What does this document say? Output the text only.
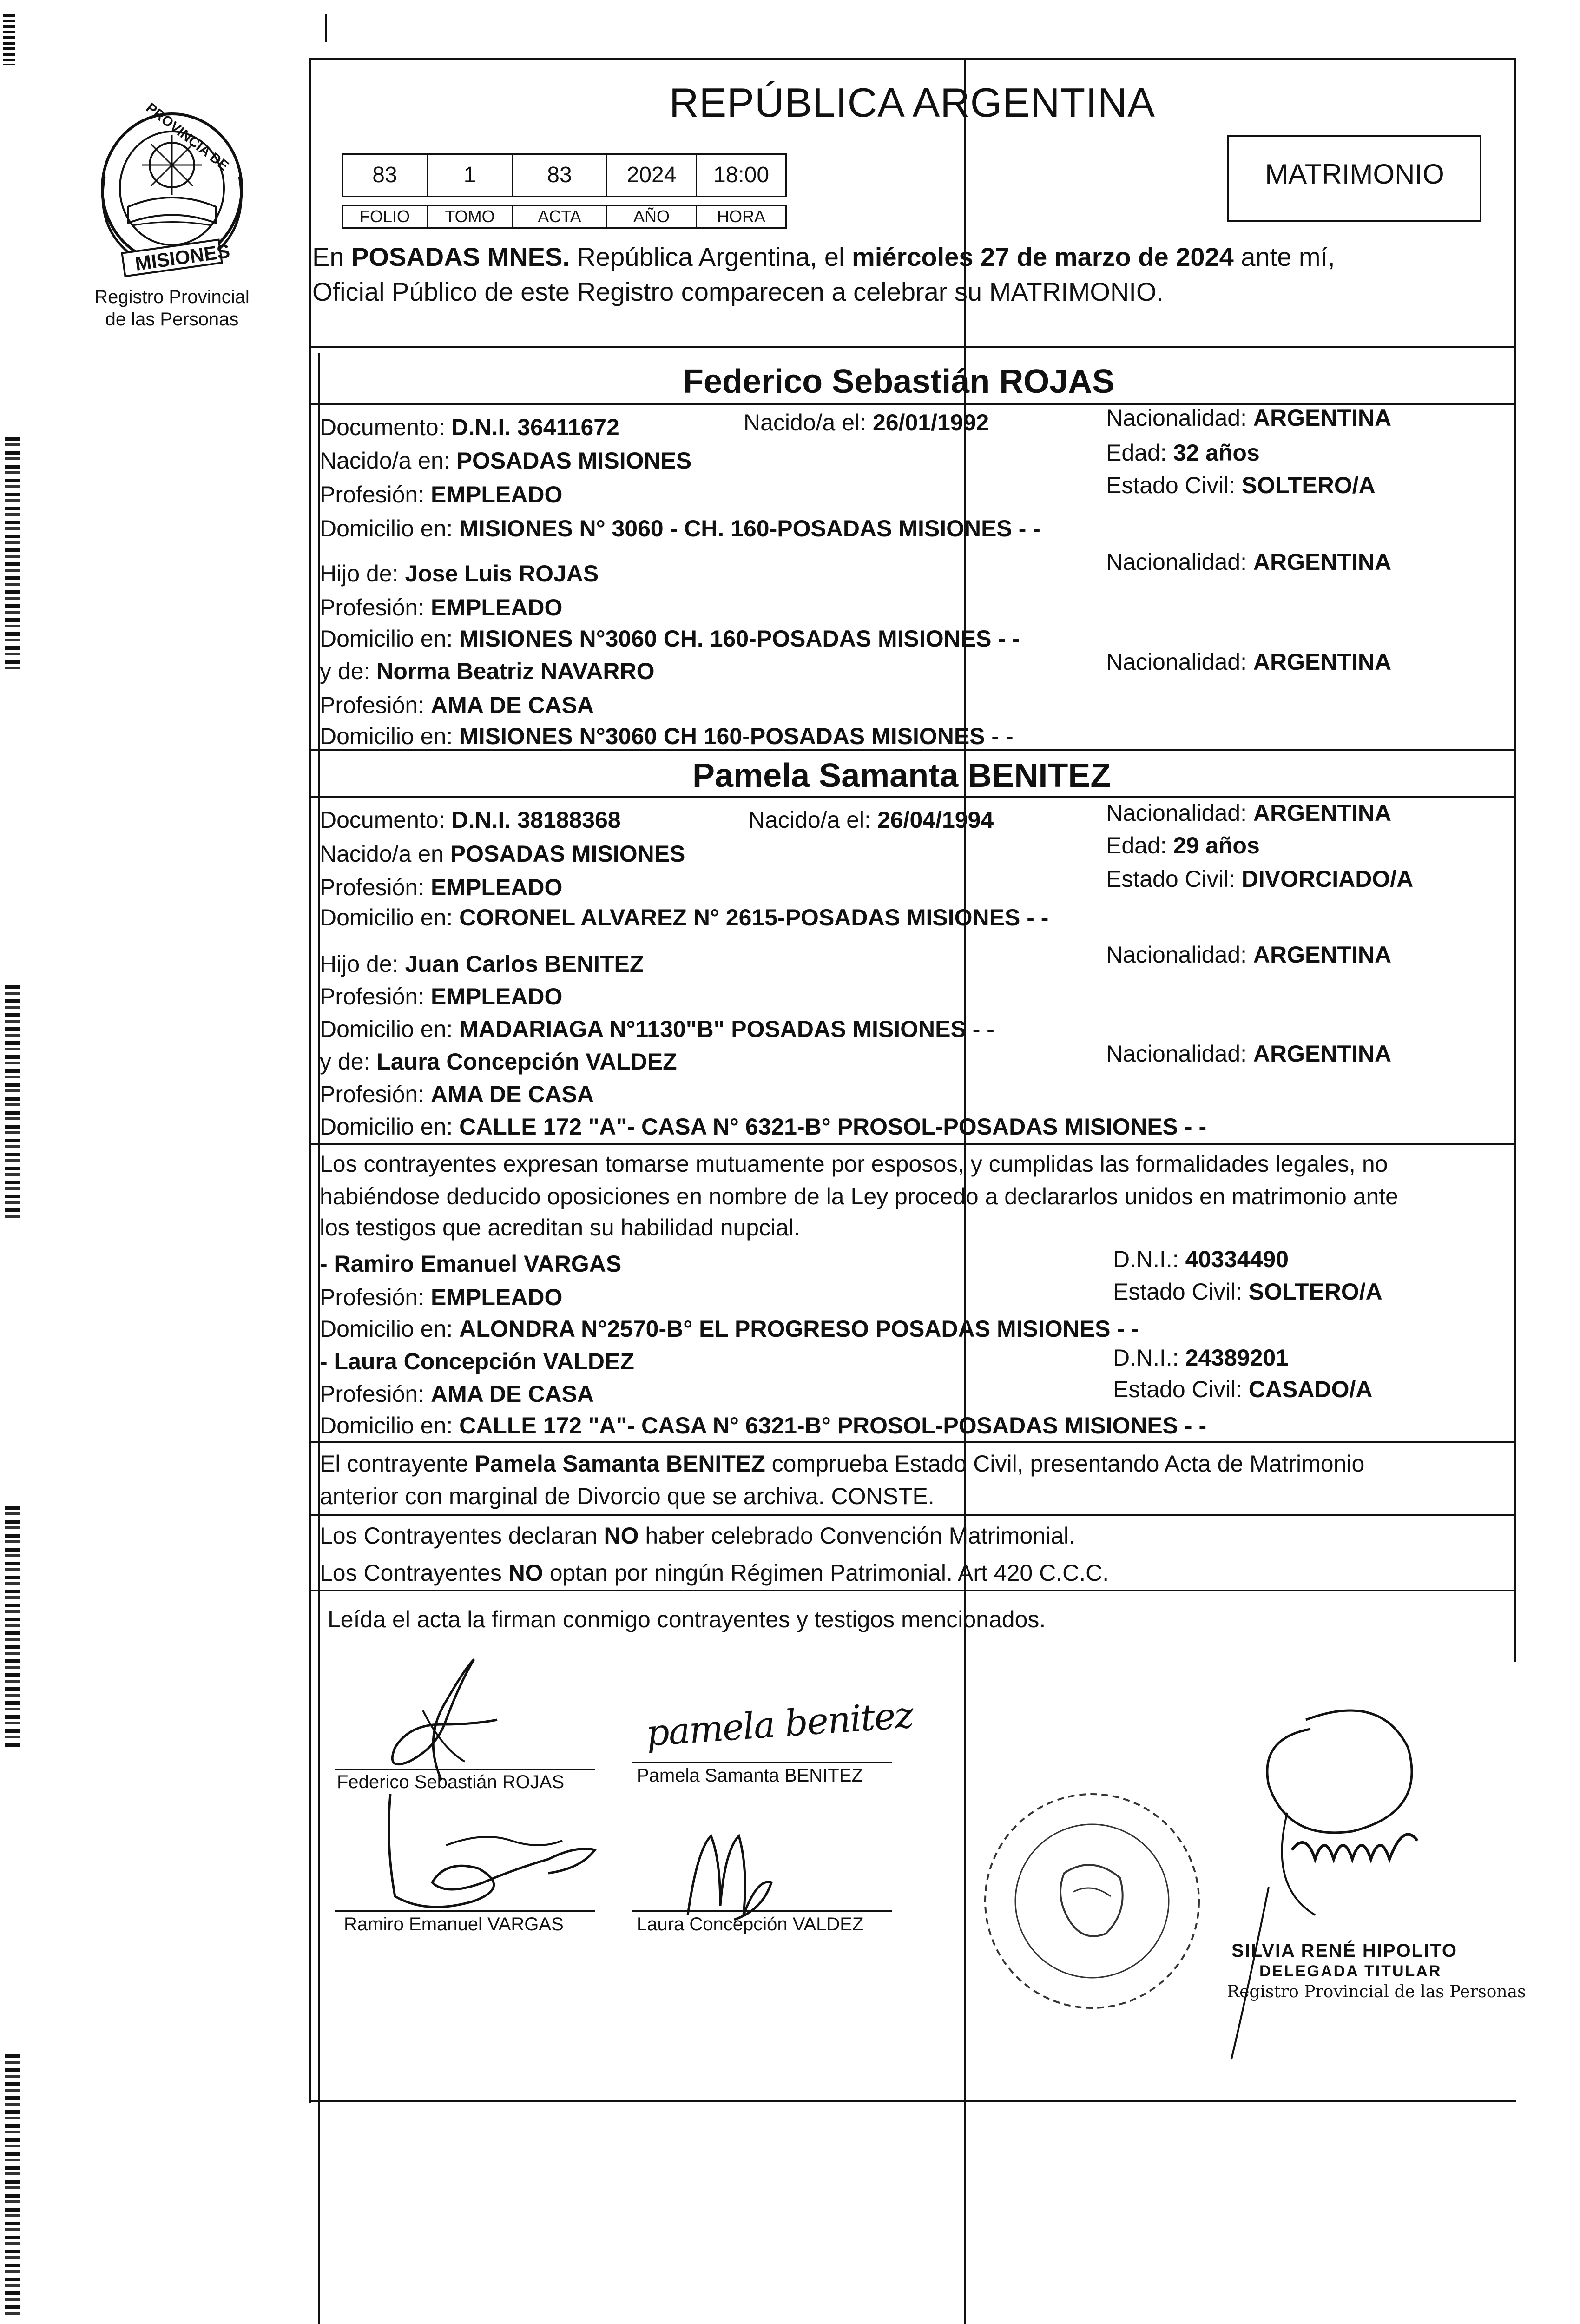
PROVINCIA DE
MISIONES
Registro Provincial
de las Personas
REPÚBLICA ARGENTINA
83	1	83	2024	18:00
FOLIO	TOMO	ACTA	AÑO	HORA
MATRIMONIO
En POSADAS MNES. República Argentina, el miércoles 27 de marzo de 2024 ante mí,
Oficial Público de este Registro comparecen a celebrar su MATRIMONIO.
Federico Sebastián ROJAS
Documento: D.N.I. 36411672	Nacido/a el: 26/01/1992	Nacionalidad: ARGENTINA
Nacido/a en: POSADAS MISIONES	Edad: 32 años
Profesión: EMPLEADO	Estado Civil: SOLTERO/A
Domicilio en: MISIONES N° 3060 - CH. 160-POSADAS MISIONES - -
Hijo de: Jose Luis ROJAS	Nacionalidad: ARGENTINA
Profesión: EMPLEADO
Domicilio en: MISIONES N°3060 CH. 160-POSADAS MISIONES - -
y de: Norma Beatriz NAVARRO	Nacionalidad: ARGENTINA
Profesión: AMA DE CASA
Domicilio en: MISIONES N°3060 CH 160-POSADAS MISIONES - -
Pamela Samanta BENITEZ
Documento: D.N.I. 38188368	Nacido/a el: 26/04/1994	Nacionalidad: ARGENTINA
Nacido/a en POSADAS MISIONES	Edad: 29 años
Profesión: EMPLEADO	Estado Civil: DIVORCIADO/A
Domicilio en: CORONEL ALVAREZ N° 2615-POSADAS MISIONES - -
Hijo de: Juan Carlos BENITEZ	Nacionalidad: ARGENTINA
Profesión: EMPLEADO
Domicilio en: MADARIAGA N°1130"B" POSADAS MISIONES - -
y de: Laura Concepción VALDEZ	Nacionalidad: ARGENTINA
Profesión: AMA DE CASA
Domicilio en: CALLE 172 "A"- CASA N° 6321-B° PROSOL-POSADAS MISIONES - -
Los contrayentes expresan tomarse mutuamente por esposos, y cumplidas las formalidades legales, no
habiéndose deducido oposiciones en nombre de la Ley procedo a declararlos unidos en matrimonio ante
los testigos que acreditan su habilidad nupcial.
- Ramiro Emanuel VARGAS	D.N.I.: 40334490
Profesión: EMPLEADO	Estado Civil: SOLTERO/A
Domicilio en: ALONDRA N°2570-B° EL PROGRESO POSADAS MISIONES - -
- Laura Concepción VALDEZ	D.N.I.: 24389201
Profesión: AMA DE CASA	Estado Civil: CASADO/A
Domicilio en: CALLE 172 "A"- CASA N° 6321-B° PROSOL-POSADAS MISIONES - -
El contrayente Pamela Samanta BENITEZ comprueba Estado Civil, presentando Acta de Matrimonio
anterior con marginal de Divorcio que se archiva. CONSTE.
Los Contrayentes declaran NO haber celebrado Convención Matrimonial.
Los Contrayentes NO optan por ningún Régimen Patrimonial. Art 420 C.C.C.
Leída el acta la firman conmigo contrayentes y testigos mencionados.
Federico Sebastián ROJAS
pamela benitez
Pamela Samanta BENITEZ
Ramiro Emanuel VARGAS	Laura Concepción VALDEZ
SILVIA RENÉ HIPOLITO
DELEGADA TITULAR
Registro Provincial de las Personas
